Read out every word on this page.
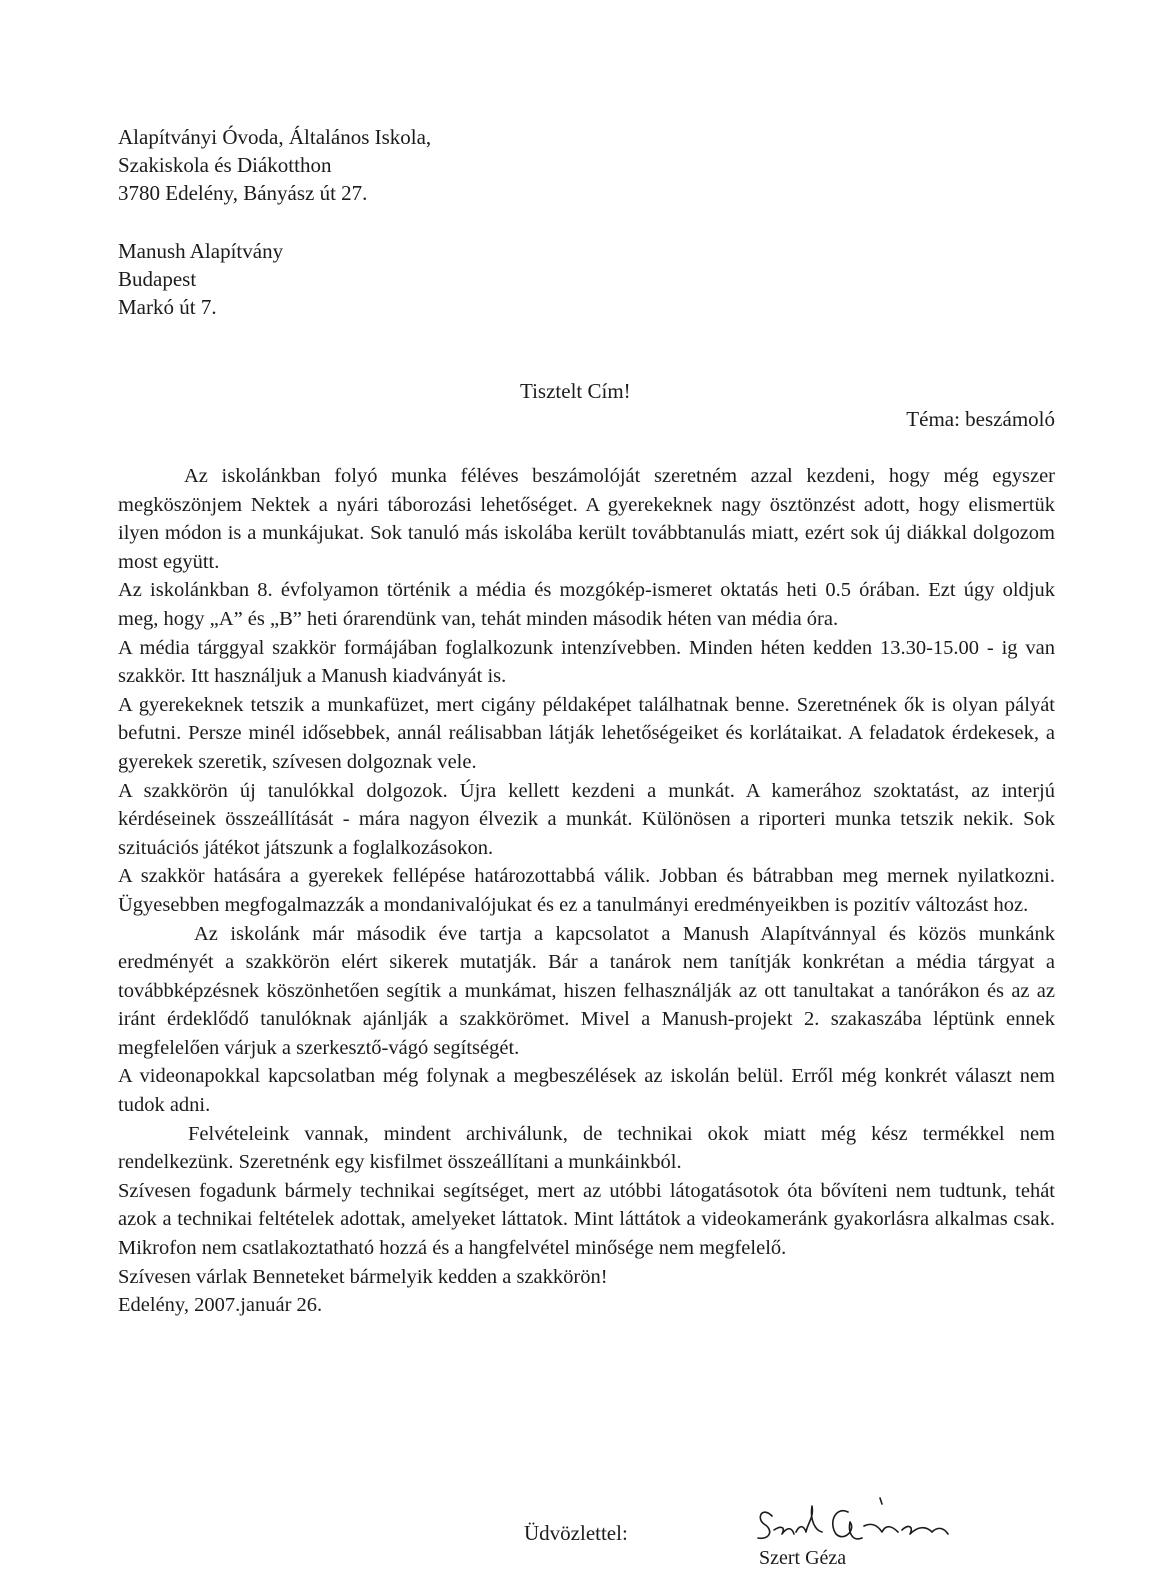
Alapítványi Óvoda, Általános Iskola,
Szakiskola és Diákotthon
3780 Edelény, Bányász út 27.
Manush Alapítvány
Budapest
Markó út 7.
Tisztelt Cím!
Téma: beszámoló

Az iskolánkban folyó munka féléves beszámolóját szeretném azzal kezdeni, hogy még egyszer megköszönjem Nektek a nyári táborozási lehetőséget. A gyerekeknek nagy ösztönzést adott, hogy elismertük ilyen módon is a munkájukat. Sok tanuló más iskolába került továbbtanulás miatt, ezért sok új diákkal dolgozom most együtt.

Az iskolánkban 8. évfolyamon történik a média és mozgókép-ismeret oktatás heti 0.5 órában. Ezt úgy oldjuk meg, hogy „A” és „B” heti órarendünk van, tehát minden második héten van média óra.

A média tárggyal szakkör formájában foglalkozunk intenzívebben. Minden héten kedden 13.30-15.00 - ig van szakkör. Itt használjuk a Manush kiadványát is.

A gyerekeknek tetszik a munkafüzet, mert cigány példaképet találhatnak benne. Szeretnének ők is olyan pályát befutni. Persze minél idősebbek, annál reálisabban látják lehetőségeiket és korlátaikat. A feladatok érdekesek, a gyerekek szeretik, szívesen dolgoznak vele.

A szakkörön új tanulókkal dolgozok. Újra kellett kezdeni a munkát. A kamerához szoktatást, az interjú kérdéseinek összeállítását - mára nagyon élvezik a munkát. Különösen a riporteri munka tetszik nekik. Sok szituációs játékot játszunk a foglalkozásokon.

A szakkör hatására a gyerekek fellépése határozottabbá válik. Jobban és bátrabban meg mernek nyilatkozni. Ügyesebben megfogalmazzák a mondanivalójukat és ez a tanulmányi eredményeikben is pozitív változást hoz.

Az iskolánk már második éve tartja a kapcsolatot a Manush Alapítvánnyal és közös munkánk eredményét a szakkörön elért sikerek mutatják. Bár a tanárok nem tanítják konkrétan a média tárgyat a továbbképzésnek köszönhetően segítik a munkámat, hiszen felhasználják az ott tanultakat a tanórákon és az az iránt érdeklődő tanulóknak ajánlják a szakkörömet. Mivel a Manush-projekt 2. szakaszába léptünk ennek megfelelően várjuk a szerkesztő-vágó segítségét.

A videonapokkal kapcsolatban még folynak a megbeszélések az iskolán belül. Erről még konkrét választ nem tudok adni.

Felvételeink vannak, mindent archiválunk, de technikai okok miatt még kész termékkel nem rendelkezünk. Szeretnénk egy kisfilmet összeállítani a munkáinkból.

Szívesen fogadunk bármely technikai segítséget, mert az utóbbi látogatásotok óta bővíteni nem tudtunk, tehát azok a technikai feltételek adottak, amelyeket láttatok. Mint láttátok a videokameránk gyakorlásra alkalmas csak. Mikrofon nem csatlakoztatható hozzá és a hangfelvétel minősége nem megfelelő.

Szívesen várlak Benneteket bármelyik kedden a szakkörön!

Edelény, 2007.január 26.

Üdvözlettel:
Szert Géza
